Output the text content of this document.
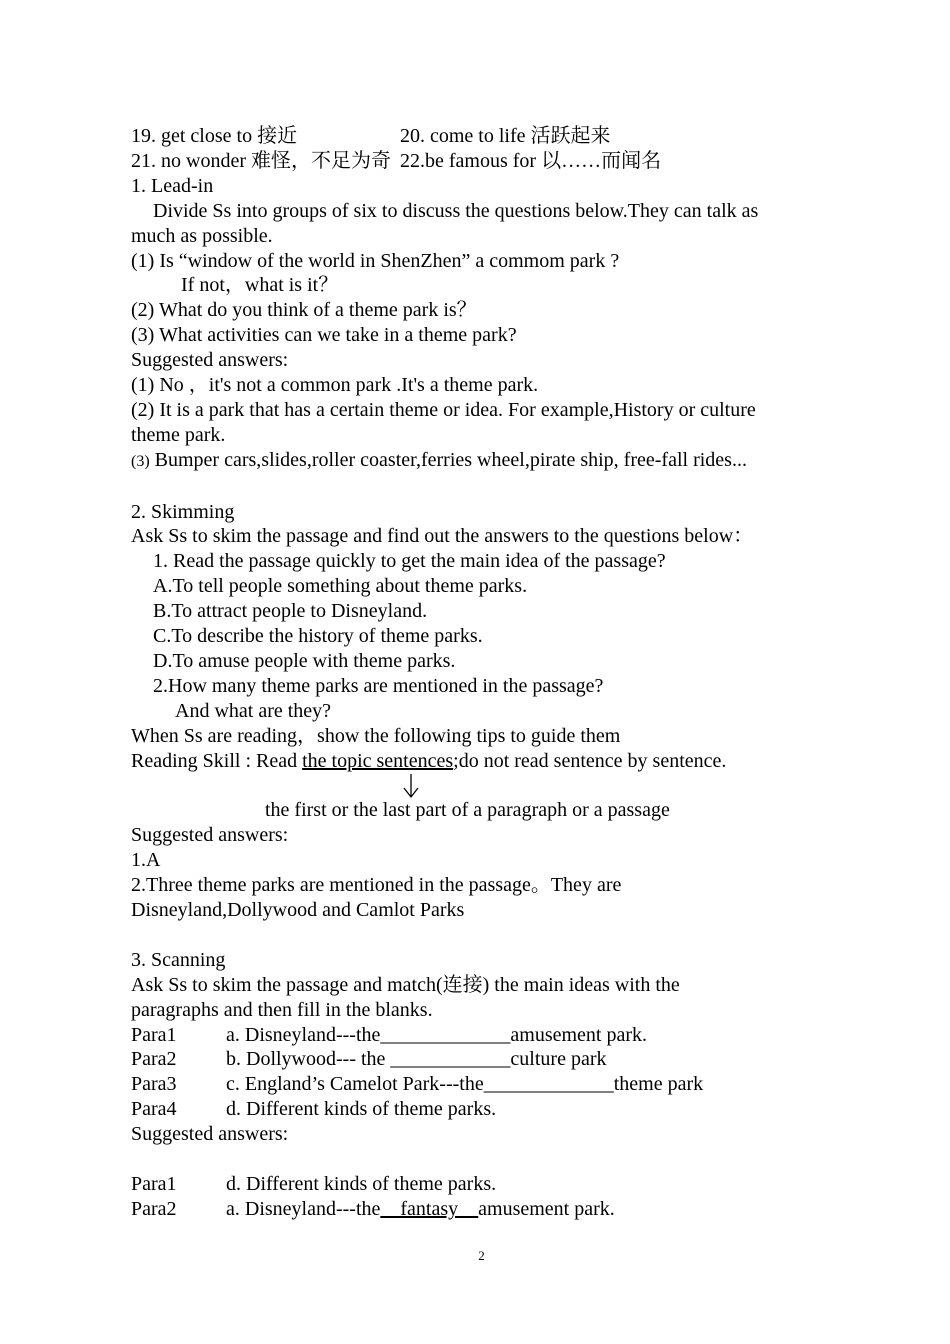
19. get close to 接近	20. come to life 活跃起来
21. no wonder 难怪，不足为奇 22.be famous for 以……而闻名
1. Lead-in
Divide Ss into groups of six to discuss the questions below.They can talk as
much as possible.
(1) Is “window of the world in ShenZhen” a commom park ?
If not，what is it？
(2) What do you think of a theme park is？
(3) What activities can we take in a theme park?
Suggested answers:
(1) No ，it's not a common park .It's a theme park.
(2) It is a park that has a certain theme or idea. For example,History or culture
theme park.
(3) Bumper cars,slides,roller coaster,ferries wheel,pirate ship, free-fall rides...
2. Skimming
Ask Ss to skim the passage and find out the answers to the questions below：
1. Read the passage quickly to get the main idea of the passage?
A.To tell people something about theme parks.
B.To attract people to Disneyland.
C.To describe the history of theme parks.
D.To amuse people with theme parks.
2.How many theme parks are mentioned in the passage?
And what are they?
When Ss are reading，show the following tips to guide them
Reading Skill : Read the topic sentences;do not read sentence by sentence.
the first or the last part of a paragraph or a passage
Suggested answers:
1.A
2.Three theme parks are mentioned in the passage。They are
Disneyland,Dollywood and Camlot Parks
3. Scanning
Ask Ss to skim the passage and match(连接) the main ideas with the
paragraphs and then fill in the blanks.
Para1 a. Disneyland---the_____________amusement park.
Para2 b. Dollywood--- the ____________culture park
Para3 c. England’s Camelot Park---the_____________theme park
Para4 d. Different kinds of theme parks.
Suggested answers:
Para1 d. Different kinds of theme parks.
Para2 a. Disneyland---the__fantasy__amusement park.
2
